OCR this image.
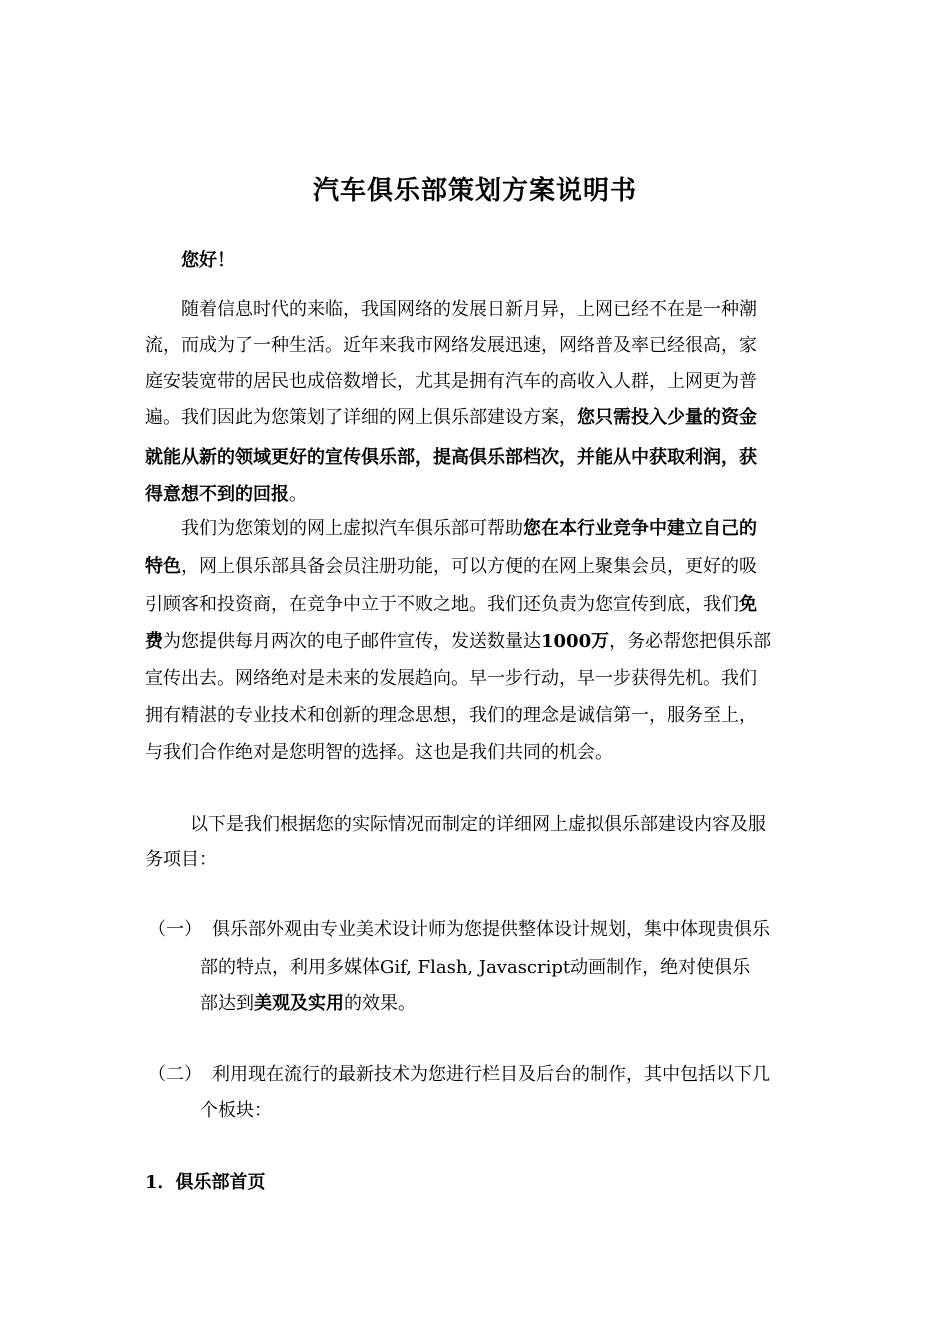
汽车俱乐部策划方案说明书
您好！
随着信息时代的来临，我国网络的发展日新月异，上网已经不在是一种潮
流，而成为了一种生活。近年来我市网络发展迅速，网络普及率已经很高，家
庭安装宽带的居民也成倍数增长，尤其是拥有汽车的高收入人群，上网更为普
遍。我们因此为您策划了详细的网上俱乐部建设方案，您只需投入少量的资金
就能从新的领域更好的宣传俱乐部，提高俱乐部档次，并能从中获取利润，获
得意想不到的回报。
我们为您策划的网上虚拟汽车俱乐部可帮助您在本行业竞争中建立自己的
特色，网上俱乐部具备会员注册功能，可以方便的在网上聚集会员，更好的吸
引顾客和投资商，在竞争中立于不败之地。我们还负责为您宣传到底，我们免
费为您提供每月两次的电子邮件宣传，发送数量达1000万，务必帮您把俱乐部
宣传出去。网络绝对是未来的发展趋向。早一步行动，早一步获得先机。我们
拥有精湛的专业技术和创新的理念思想，我们的理念是诚信第一，服务至上，
与我们合作绝对是您明智的选择。这也是我们共同的机会。
以下是我们根据您的实际情况而制定的详细网上虚拟俱乐部建设内容及服
务项目：
（一） 俱乐部外观由专业美术设计师为您提供整体设计规划，集中体现贵俱乐
部的特点，利用多媒体Gif, Flash, Javascript动画制作，绝对使俱乐
部达到美观及实用的效果。
（二） 利用现在流行的最新技术为您进行栏目及后台的制作，其中包括以下几
个板块：
1．俱乐部首页
